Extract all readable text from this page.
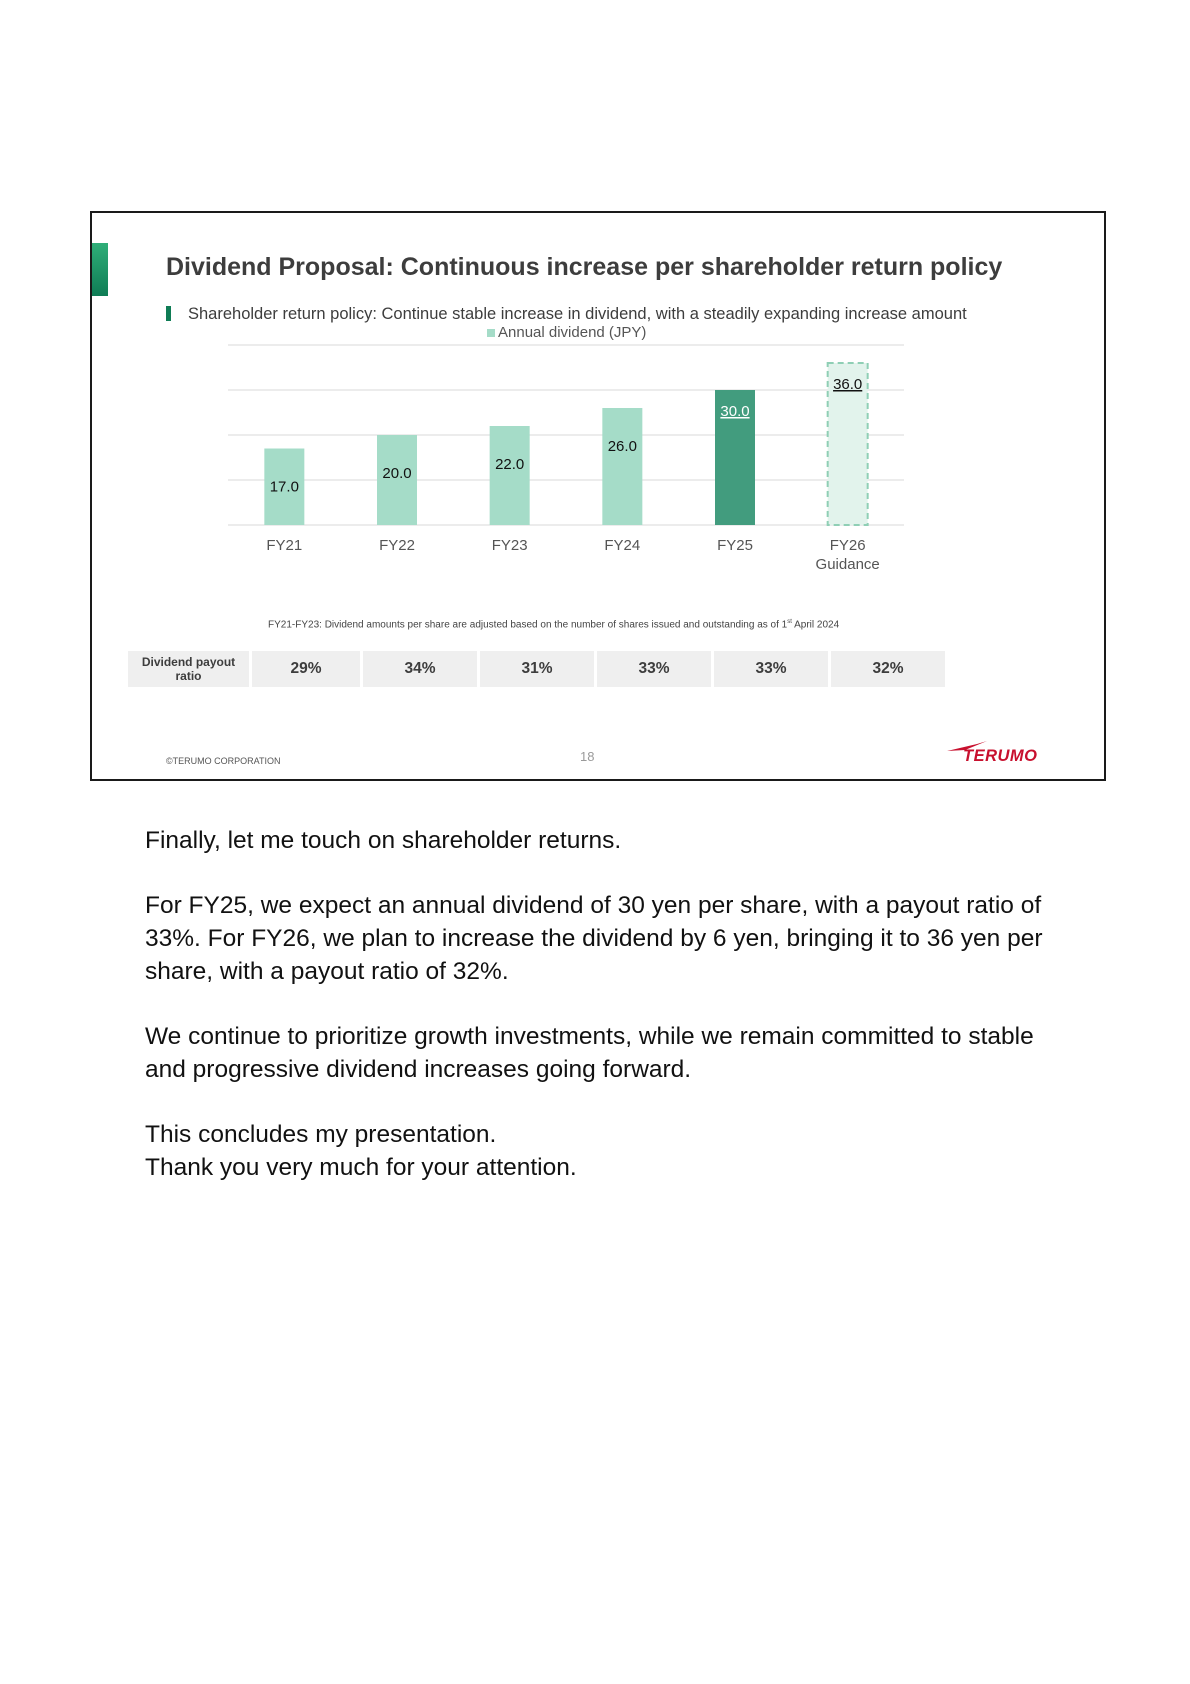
Dividend Proposal: Continuous increase per shareholder return policy
Shareholder return policy: Continue stable increase in dividend, with a steadily expanding increase amount
Annual dividend (JPY)
17.0
FY21
20.0
FY22
22.0
FY23
26.0
FY24
30.0
FY25
36.0
FY26
Guidance
FY21-FY23: Dividend amounts per share are adjusted based on the number of shares issued and outstanding as of 1st April 2024
Dividend payout ratio	29%	34%	31%	33%	33%	32%
©TERUMO CORPORATION	18	TERUMO

Finally, let me touch on shareholder returns.

For FY25, we expect an annual dividend of 30 yen per share, with a payout ratio of 33%. For FY26, we plan to increase the dividend by 6 yen, bringing it to 36 yen per share, with a payout ratio of 32%.

We continue to prioritize growth investments, while we remain committed to stable and progressive dividend increases going forward.

This concludes my presentation.

Thank you very much for your attention.
